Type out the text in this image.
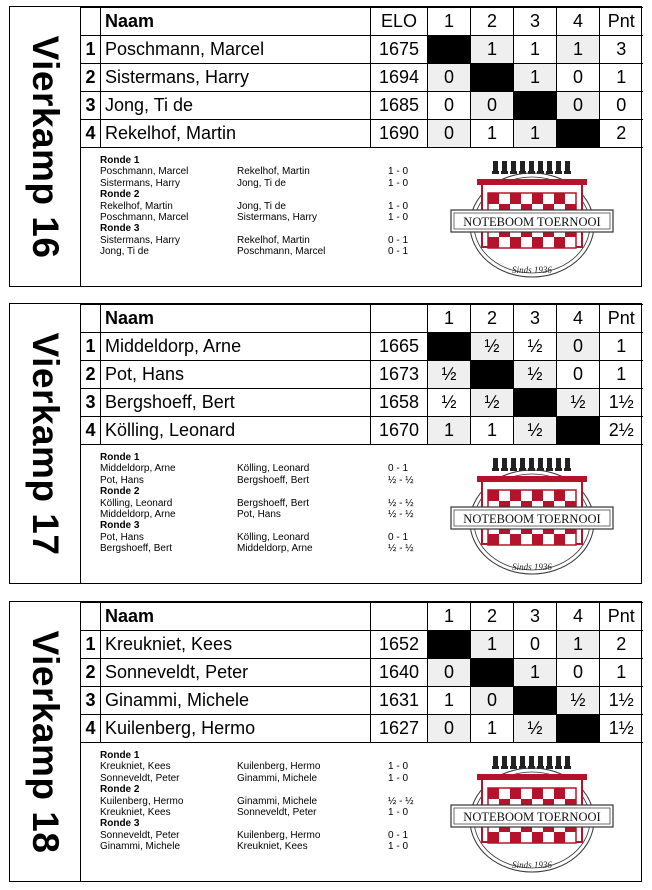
Vierkamp 16
	Naam	ELO	1	2	3	4	Pnt
1	Poschmann, Marcel	1675		1	1	1	3
2	Sistermans, Harry	1694	0		1	0	1
3	Jong, Ti de	1685	0	0		0	0
4	Rekelhof, Martin	1690	0	1	1		2
Ronde 1
Poschmann, Marcel	Rekelhof, Martin	1 - 0
Sistermans, Harry	Jong, Ti de	1 - 0
Ronde 2
Rekelhof, Martin	Jong, Ti de	1 - 0
Poschmann, Marcel	Sistermans, Harry	1 - 0
Ronde 3
Sistermans, Harry	Rekelhof, Martin	0 - 1
Jong, Ti de	Poschmann, Marcel	0 - 1
NOTEBOOM TOERNOOI
Sinds 1936
Vierkamp 17
	Naam		1	2	3	4	Pnt
1	Middeldorp, Arne	1665		½	½	0	1
2	Pot, Hans	1673	½		½	0	1
3	Bergshoeff, Bert	1658	½	½		½	1½
4	Kölling, Leonard	1670	1	1	½		2½
Ronde 1
Middeldorp, Arne	Kölling, Leonard	0 - 1
Pot, Hans	Bergshoeff, Bert	½ - ½
Ronde 2
Kölling, Leonard	Bergshoeff, Bert	½ - ½
Middeldorp, Arne	Pot, Hans	½ - ½
Ronde 3
Pot, Hans	Kölling, Leonard	0 - 1
Bergshoeff, Bert	Middeldorp, Arne	½ - ½
NOTEBOOM TOERNOOI
Sinds 1936
Vierkamp 18
	Naam		1	2	3	4	Pnt
1	Kreukniet, Kees	1652		1	0	1	2
2	Sonneveldt, Peter	1640	0		1	0	1
3	Ginammi, Michele	1631	1	0		½	1½
4	Kuilenberg, Hermo	1627	0	1	½		1½
Ronde 1
Kreukniet, Kees	Kuilenberg, Hermo	1 - 0
Sonneveldt, Peter	Ginammi, Michele	1 - 0
Ronde 2
Kuilenberg, Hermo	Ginammi, Michele	½ - ½
Kreukniet, Kees	Sonneveldt, Peter	1 - 0
Ronde 3
Sonneveldt, Peter	Kuilenberg, Hermo	0 - 1
Ginammi, Michele	Kreukniet, Kees	1 - 0
NOTEBOOM TOERNOOI
Sinds 1936
